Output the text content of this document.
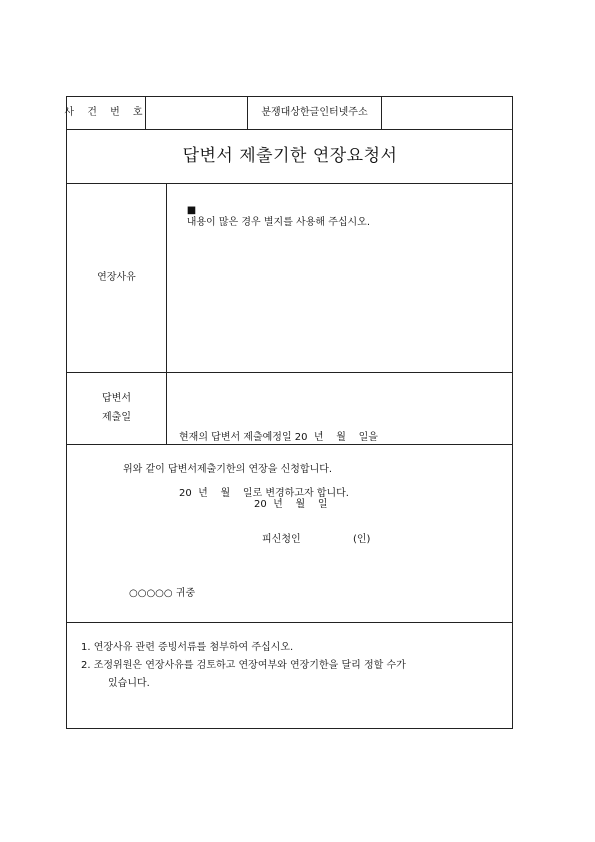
사 건 번 호	분쟁대상한글인터넷주소
답변서 제출기한 연장요청서
연장사유

■
내용이 많은 경우 별지를 사용해 주십시오.

답변서
제출일

현재의 답변서 제출예정일 20  년    월    일을

20  년    월    일로 변경하고자 합니다.

위와 같이 답변서제출기한의 연장을 신청합니다.
20  년    월    일
피신청인	(인)
○○○○○ 귀중
1. 연장사유 관련 증빙서류를 첨부하여 주십시오.
2. 조정위원은 연장사유를 검토하고 연장여부와 연장기한을 달리 정할 수가
있습니다.
